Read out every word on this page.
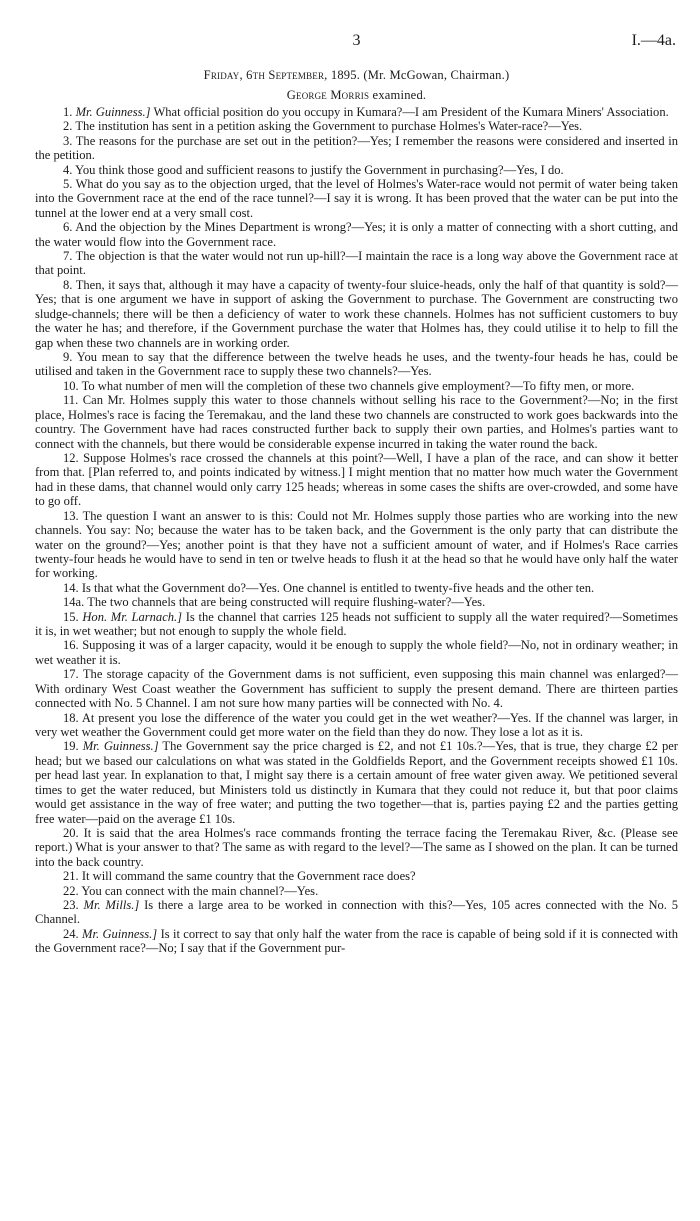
3	I.—4a.

Friday, 6th September, 1895. (Mr. McGowan, Chairman.)

George Morris examined.

1. Mr. Guinness.] What official position do you occupy in Kumara?—I am President of the Kumara Miners' Association.

2. The institution has sent in a petition asking the Government to purchase Holmes's Water-race?—Yes.

3. The reasons for the purchase are set out in the petition?—Yes; I remember the reasons were considered and inserted in the petition.

4. You think those good and sufficient reasons to justify the Government in purchasing?—Yes, I do.

5. What do you say as to the objection urged, that the level of Holmes's Water-race would not permit of water being taken into the Government race at the end of the race tunnel?—I say it is wrong. It has been proved that the water can be put into the tunnel at the lower end at a very small cost.

6. And the objection by the Mines Department is wrong?—Yes; it is only a matter of connecting with a short cutting, and the water would flow into the Government race.

7. The objection is that the water would not run up-hill?—I maintain the race is a long way above the Government race at that point.

8. Then, it says that, although it may have a capacity of twenty-four sluice-heads, only the half of that quantity is sold?—Yes; that is one argument we have in support of asking the Government to purchase. The Government are constructing two sludge-channels; there will be then a deficiency of water to work these channels. Holmes has not sufficient customers to buy the water he has; and therefore, if the Government purchase the water that Holmes has, they could utilise it to help to fill the gap when these two channels are in working order.

9. You mean to say that the difference between the twelve heads he uses, and the twenty-four heads he has, could be utilised and taken in the Government race to supply these two channels?—Yes.

10. To what number of men will the completion of these two channels give employment?—To fifty men, or more.

11. Can Mr. Holmes supply this water to those channels without selling his race to the Government?—No; in the first place, Holmes's race is facing the Teremakau, and the land these two channels are constructed to work goes backwards into the country. The Government have had races constructed further back to supply their own parties, and Holmes's parties want to connect with the channels, but there would be considerable expense incurred in taking the water round the back.

12. Suppose Holmes's race crossed the channels at this point?—Well, I have a plan of the race, and can show it better from that. [Plan referred to, and points indicated by witness.] I might mention that no matter how much water the Government had in these dams, that channel would only carry 125 heads; whereas in some cases the shifts are over-crowded, and some have to go off.

13. The question I want an answer to is this: Could not Mr. Holmes supply those parties who are working into the new channels. You say: No; because the water has to be taken back, and the Government is the only party that can distribute the water on the ground?—Yes; another point is that they have not a sufficient amount of water, and if Holmes's Race carries twenty-four heads he would have to send in ten or twelve heads to flush it at the head so that he would have only half the water for working.

14. Is that what the Government do?—Yes. One channel is entitled to twenty-five heads and the other ten.

14a. The two channels that are being constructed will require flushing-water?—Yes.

15. Hon. Mr. Larnach.] Is the channel that carries 125 heads not sufficient to supply all the water required?—Sometimes it is, in wet weather; but not enough to supply the whole field.

16. Supposing it was of a larger capacity, would it be enough to supply the whole field?—No, not in ordinary weather; in wet weather it is.

17. The storage capacity of the Government dams is not sufficient, even supposing this main channel was enlarged?—With ordinary West Coast weather the Government has sufficient to supply the present demand. There are thirteen parties connected with No. 5 Channel. I am not sure how many parties will be connected with No. 4.

18. At present you lose the difference of the water you could get in the wet weather?—Yes. If the channel was larger, in very wet weather the Government could get more water on the field than they do now. They lose a lot as it is.

19. Mr. Guinness.] The Government say the price charged is £2, and not £1 10s.?—Yes, that is true, they charge £2 per head; but we based our calculations on what was stated in the Goldfields Report, and the Government receipts showed £1 10s. per head last year. In explanation to that, I might say there is a certain amount of free water given away. We petitioned several times to get the water reduced, but Ministers told us distinctly in Kumara that they could not reduce it, but that poor claims would get assistance in the way of free water; and putting the two together—that is, parties paying £2 and the parties getting free water—paid on the average £1 10s.

20. It is said that the area Holmes's race commands fronting the terrace facing the Teremakau River, &c. (Please see report.) What is your answer to that? The same as with regard to the level?—The same as I showed on the plan. It can be turned into the back country.

21. It will command the same country that the Government race does?

22. You can connect with the main channel?—Yes.

23. Mr. Mills.] Is there a large area to be worked in connection with this?—Yes, 105 acres connected with the No. 5 Channel.

24. Mr. Guinness.] Is it correct to say that only half the water from the race is capable of being sold if it is connected with the Government race?—No; I say that if the Government pur-
